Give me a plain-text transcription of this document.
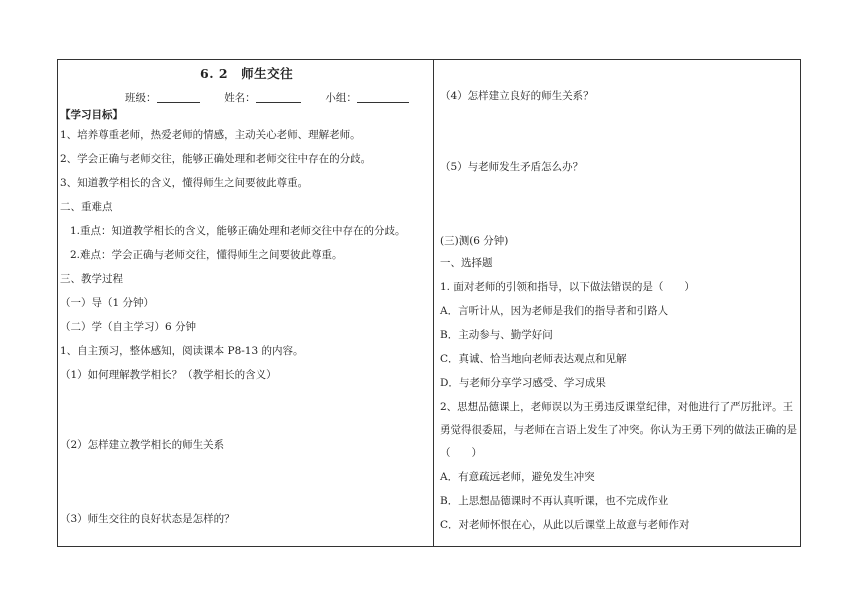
6. 2　师生交往
班级：	姓名：	小组：
【学习目标】
1、培养尊重老师，热爱老师的情感，主动关心老师、理解老师。
2、学会正确与老师交往，能够正确处理和老师交往中存在的分歧。
3、知道教学相长的含义，懂得师生之间要彼此尊重。
二、重难点
1.重点：知道教学相长的含义，能够正确处理和老师交往中存在的分歧。
2.难点：学会正确与老师交往，懂得师生之间要彼此尊重。
三、教学过程
（一）导（1 分钟）
（二）学（自主学习）6 分钟
1、自主预习，整体感知，阅读课本 P8-13 的内容。
（1）如何理解教学相长？（教学相长的含义）
（2）怎样建立教学相长的师生关系
（3）师生交往的良好状态是怎样的？
（4）怎样建立良好的师生关系？
（5）与老师发生矛盾怎么办？
(三)测(6 分钟)
一、选择题
1. 面对老师的引领和指导，以下做法错误的是（　　）
A．言听计从，因为老师是我们的指导者和引路人
B．主动参与、勤学好问
C．真诚、恰当地向老师表达观点和见解
D．与老师分享学习感受、学习成果
2、思想品德课上，老师误以为王勇违反课堂纪律，对他进行了严厉批评。王
勇觉得很委屈，与老师在言语上发生了冲突。你认为王勇下列的做法正确的是
（　　）
A．有意疏远老师，避免发生冲突
B．上思想品德课时不再认真听课，也不完成作业
C．对老师怀恨在心，从此以后课堂上故意与老师作对
